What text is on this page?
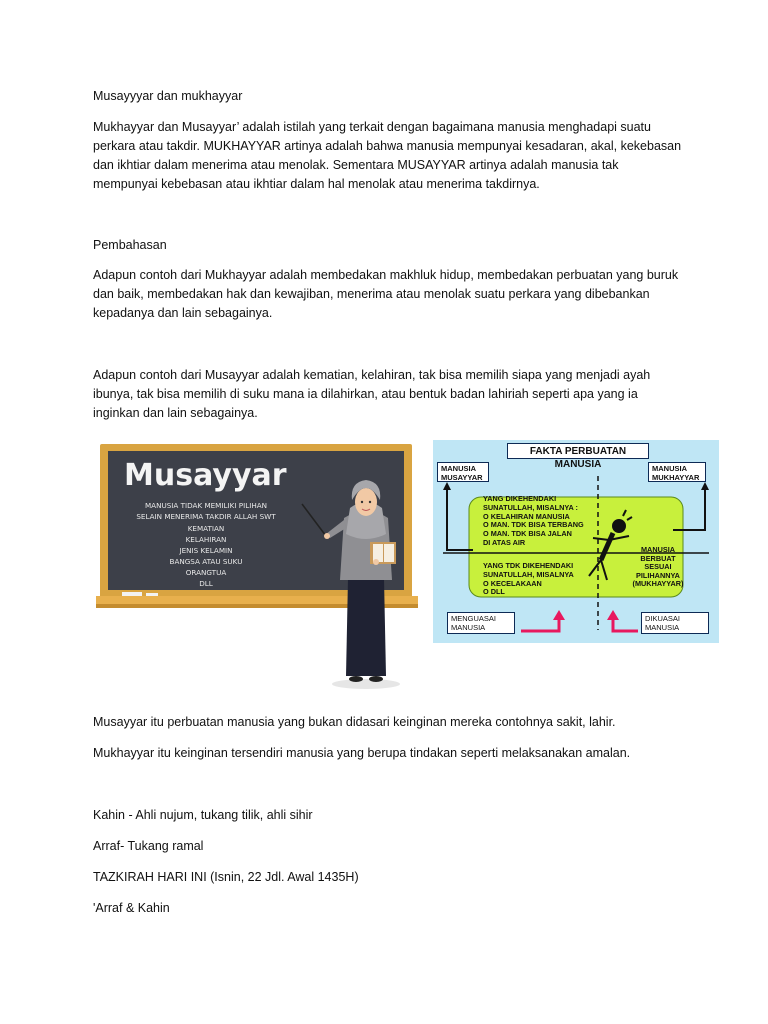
Musayyyar dan mukhayyar

Mukhayyar dan Musayyar’ adalah istilah yang terkait dengan bagaimana manusia menghadapi suatu perkara atau takdir. MUKHAYYAR artinya adalah bahwa manusia mempunyai kesadaran, akal, kekebasan dan ikhtiar dalam menerima atau menolak. Sementara MUSAYYAR artinya adalah manusia tak mempunyai kebebasan atau ikhtiar dalam hal menolak atau menerima takdirnya.

Pembahasan

Adapun contoh dari Mukhayyar adalah membedakan makhluk hidup, membedakan perbuatan yang buruk dan baik, membedakan hak dan kewajiban, menerima atau menolak suatu perkara yang dibebankan kepadanya dan lain sebagainya.

Adapun contoh dari Musayyar adalah kematian, kelahiran, tak bisa memilih siapa yang menjadi ayah ibunya, tak bisa memilih di suku mana ia dilahirkan, atau bentuk badan lahiriah seperti apa yang ia inginkan dan lain sebagainya.

Musayyar
MANUSIA TIDAK MEMILIKI PILIHAN
SELAIN MENERIMA TAKDIR ALLAH SWT
KEMATIAN
KELAHIRAN
JENIS KELAMIN
BANGSA ATAU SUKU
ORANGTUA
DLL
FAKTA PERBUATAN MANUSIA
MANUSIA MUSAYYAR
MANUSIA MUKHAYYAR
YANG DIKEHENDAKI
SUNATULLAH, MISALNYA :
O KELAHIRAN MANUSIA
O MAN. TDK BISA TERBANG
O MAN. TDK BISA JALAN
DI ATAS AIR
YANG TDK DIKEHENDAKI
SUNATULLAH, MISALNYA
O KECELAKAAN
O DLL
MANUSIA
BERBUAT
SESUAI
PILIHANNYA
(MUKHAYYAR)
MENGUASAI MANUSIA
DIKUASAI MANUSIA

Musayyar itu perbuatan manusia yang bukan didasari keinginan mereka contohnya sakit, lahir.

Mukhayyar itu keinginan tersendiri manusia yang berupa tindakan seperti melaksanakan amalan.

Kahin - Ahli nujum, tukang tilik, ahli sihir

Arraf- Tukang ramal

TAZKIRAH HARI INI (Isnin, 22 Jdl. Awal 1435H)

'Arraf & Kahin
